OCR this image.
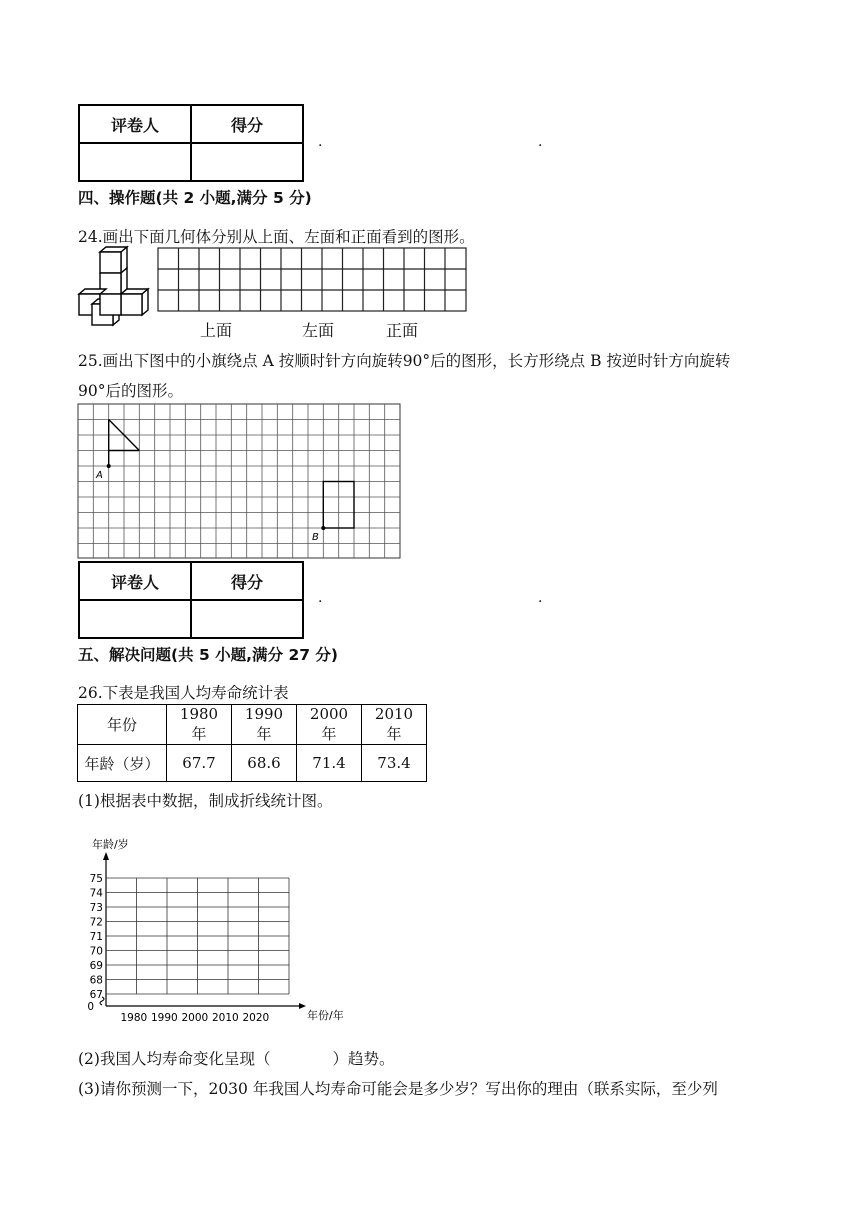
评卷人	得分

.	.
四、操作题(共 2 小题,满分 5 分)
24.画出下面几何体分别从上面、左面和正面看到的图形。
上面	左面	正面
25.画出下图中的小旗绕点 A 按顺时针方向旋转90°后的图形，长方形绕点 B 按逆时针方向旋转
90°后的图形。
A
B
评卷人	得分

.	.
五、解决问题(共 5 小题,满分 27 分)
26.下表是我国人均寿命统计表
年份	1980 年	1990 年	2000 年	2010 年
年龄（岁）	67.7	68.6	71.4	73.4
(1)根据表中数据，制成折线统计图。
年龄/岁
年份/年
75
74
73
72
71
70
69
68
67
0
1980 1990 2000 2010 2020
(2)我国人均寿命变化呈现（　　　　）趋势。
(3)请你预测一下，2030 年我国人均寿命可能会是多少岁？写出你的理由（联系实际，至少列
